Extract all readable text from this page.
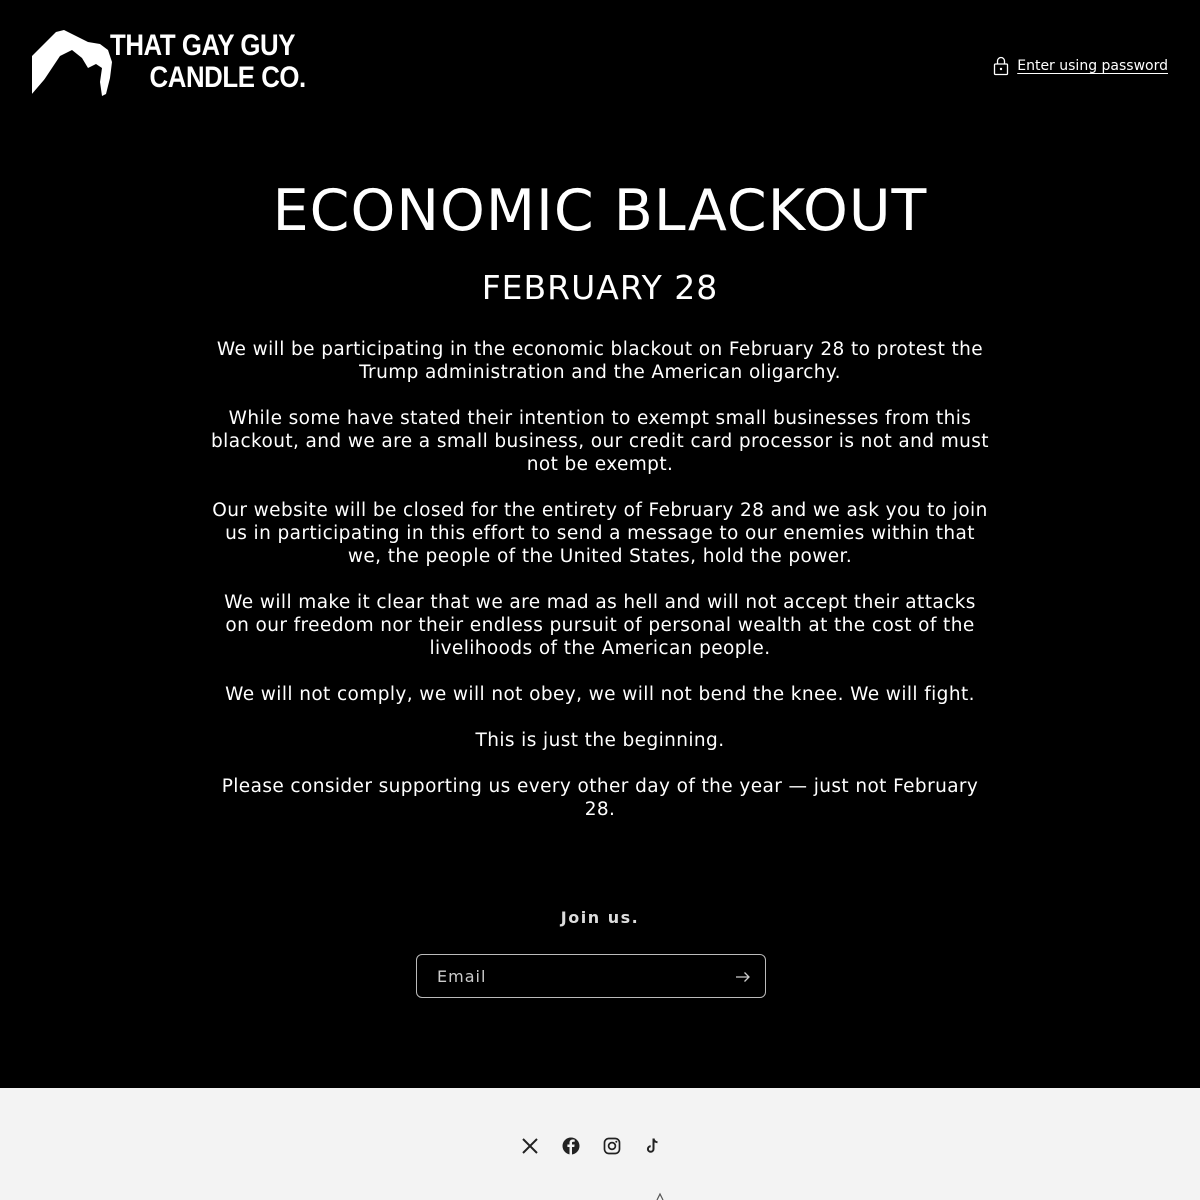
THAT GAY GUY
CANDLE CO.	Enter using password
ECONOMIC BLACKOUT
FEBRUARY 28

We will be participating in the economic blackout on February 28 to protest the Trump administration and the American oligarchy.

While some have stated their intention to exempt small businesses from this blackout, and we are a small business, our credit card processor is not and must not be exempt.

Our website will be closed for the entirety of February 28 and we ask you to join us in participating in this effort to send a message to our enemies within that we, the people of the United States, hold the power.

We will make it clear that we are mad as hell and will not accept their attacks on our freedom nor their endless pursuit of personal wealth at the cost of the livelihoods of the American people.

We will not comply, we will not obey, we will not bend the knee. We will fight.

This is just the beginning.

Please consider supporting us every other day of the year — just not February 28.

Join us.
Email
